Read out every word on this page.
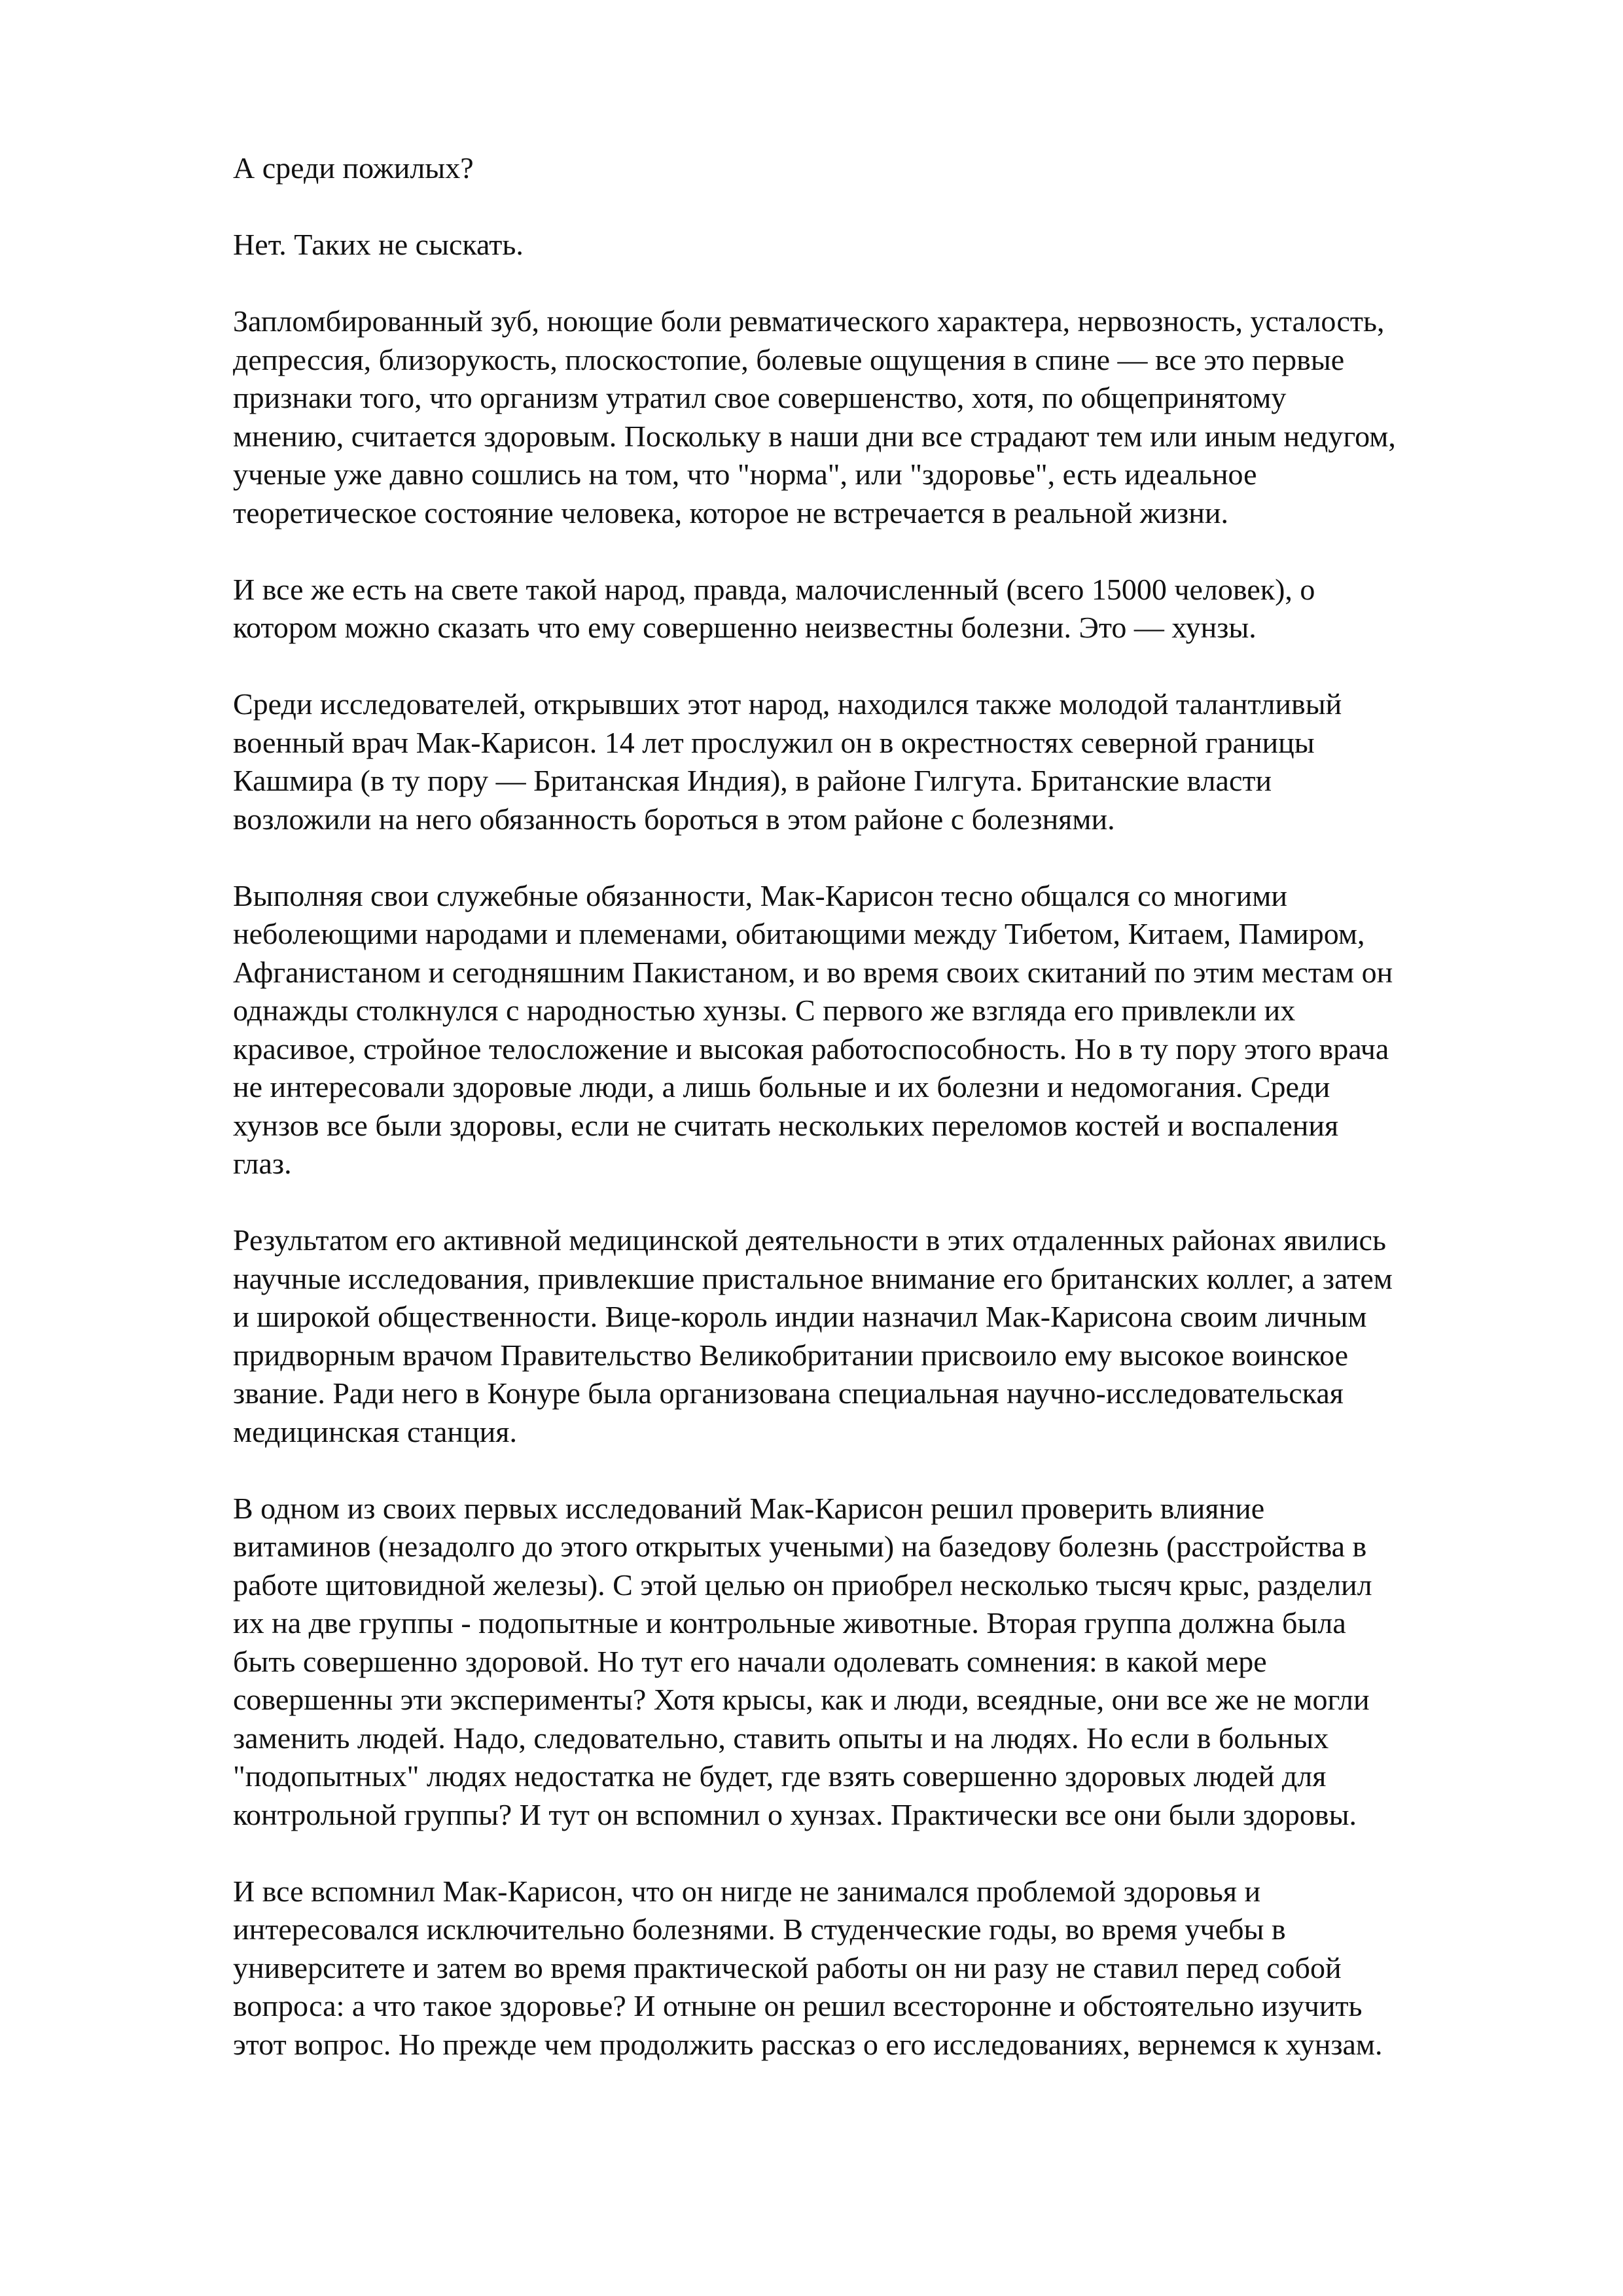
А среди пожилых?

Нет. Таких не сыскать.

Запломбированный зуб, ноющие боли ревматического характера, нервозность, усталость,
депрессия, близорукость, плоскостопие, болевые ощущения в спине — все это первые
признаки того, что организм утратил свое совершенство, хотя, по общепринятому
мнению, считается здоровым. Поскольку в наши дни все страдают тем или иным недугом,
ученые уже давно сошлись на том, что "норма", или "здоровье", есть идеальное
теоретическое состояние человека, которое не встречается в реальной жизни.

И все же есть на свете такой народ, правда, малочисленный (всего 15000 человек), о
котором можно сказать что ему совершенно неизвестны болезни. Это — хунзы.

Среди исследователей, открывших этот народ, находился также молодой талантливый
военный врач Мак-Карисон. 14 лет прослужил он в окрестностях северной границы
Кашмира (в ту пору — Британская Индия), в районе Гилгута. Британские власти
возложили на него обязанность бороться в этом районе с болезнями.

Выполняя свои служебные обязанности, Мак-Карисон тесно общался со многими
неболеющими народами и племенами, обитающими между Тибетом, Китаем, Памиром,
Афганистаном и сегодняшним Пакистаном, и во время своих скитаний по этим местам он
однажды столкнулся с народностью хунзы. С первого же взгляда его привлекли их
красивое, стройное телосложение и высокая работоспособность. Но в ту пору этого врача
не интересовали здоровые люди, а лишь больные и их болезни и недомогания. Среди
хунзов все были здоровы, если не считать нескольких переломов костей и воспаления
глаз.

Результатом его активной медицинской деятельности в этих отдаленных районах явились
научные исследования, привлекшие пристальное внимание его британских коллег, а затем
и широкой общественности. Вице-король индии назначил Мак-Карисона своим личным
придворным врачом Правительство Великобритании присвоило ему высокое воинское
звание. Ради него в Конуре была организована специальная научно-исследовательская
медицинская станция.

В одном из своих первых исследований Мак-Карисон решил проверить влияние
витаминов (незадолго до этого открытых учеными) на базедову болезнь (расстройства в
работе щитовидной железы). С этой целью он приобрел несколько тысяч крыс, разделил
их на две группы - подопытные и контрольные животные. Вторая группа должна была
быть совершенно здоровой. Но тут его начали одолевать сомнения: в какой мере
совершенны эти эксперименты? Хотя крысы, как и люди, всеядные, они все же не могли
заменить людей. Надо, следовательно, ставить опыты и на людях. Но если в больных
"подопытных" людях недостатка не будет, где взять совершенно здоровых людей для
контрольной группы? И тут он вспомнил о хунзах. Практически все они были здоровы.

И все вспомнил Мак-Карисон, что он нигде не занимался проблемой здоровья и
интересовался исключительно болезнями. В студенческие годы, во время учебы в
университете и затем во время практической работы он ни разу не ставил перед собой
вопроса: а что такое здоровье? И отныне он решил всесторонне и обстоятельно изучить
этот вопрос. Но прежде чем продолжить рассказ о его исследованиях, вернемся к хунзам.
